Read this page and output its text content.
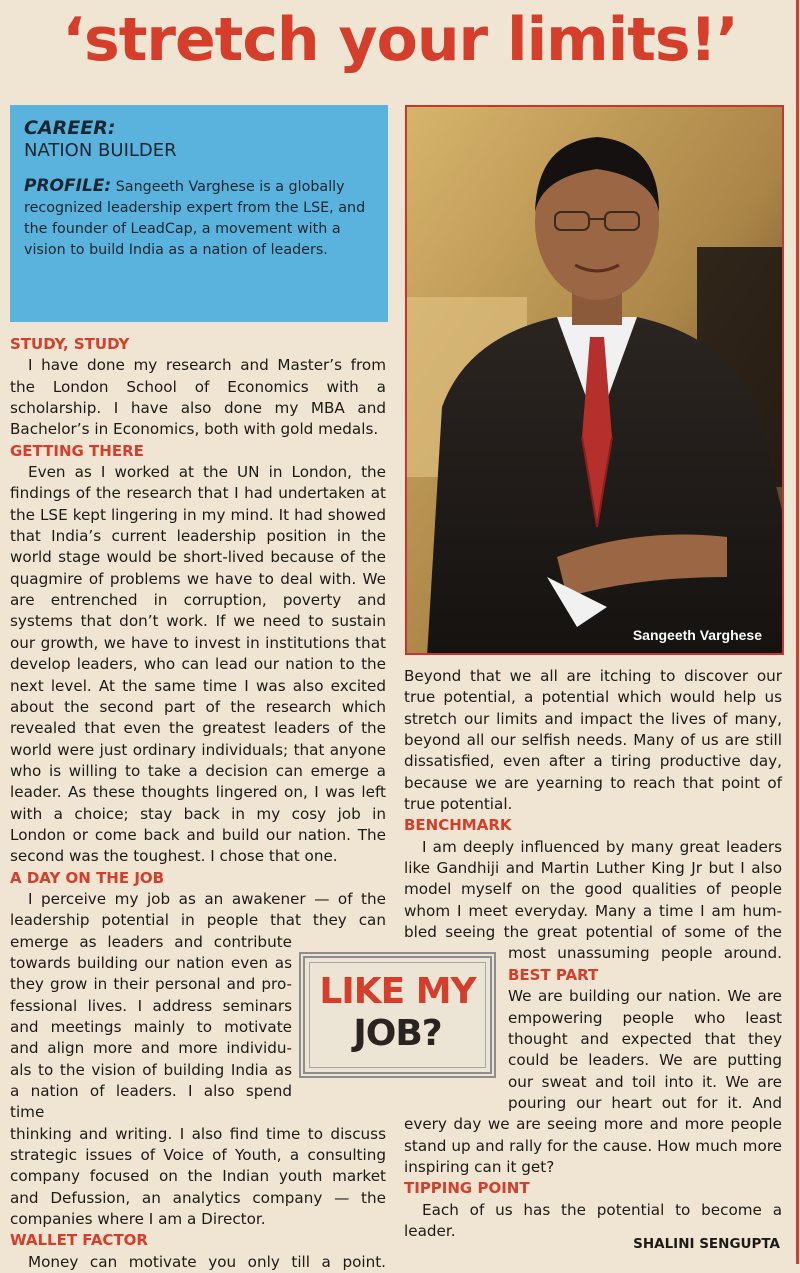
‘stretch your limits!’
CAREER:
NATION BUILDER
PROFILE: Sangeeth Varghese is a globally recognized leadership expert from the LSE, and the founder of LeadCap, a movement with a vision to build India as a nation of leaders.
Sangeeth Varghese
STUDY, STUDY

I have done my research and Master’s from the London School of Economics with a scholarship. I have also done my MBA and Bachelor’s in Economics, both with gold medals.

GETTING THERE

Even as I worked at the UN in London, the findings of the research that I had undertaken at the LSE kept lingering in my mind. It had showed that India’s current leadership position in the world stage would be short-lived because of the quagmire of problems we have to deal with. We are entrenched in corruption, poverty and systems that don’t work. If we need to sustain our growth, we have to invest in institutions that develop leaders, who can lead our nation to the next level. At the same time I was also excited about the second part of the research which revealed that even the greatest leaders of the world were just ordinary individuals; that anyone who is willing to take a decision can emerge a leader. As these thoughts lingered on, I was left with a choice; stay back in my cosy job in London or come back and build our nation. The second was the toughest. I chose that one.

A DAY ON THE JOB
I perceive my job as an awakener — of the
leadership potential in people that they can
emerge as leaders and contribute
towards building our nation even as
they grow in their personal and pro-
fessional lives. I address seminars
and meetings mainly to motivate
and align more and more individu-
als to the vision of building India as
a nation of leaders. I also spend time
thinking and writing. I also find time to discuss
strategic issues of Voice of Youth, a consulting
company focused on the Indian youth market
and Defussion, an analytics company — the
companies where I am a Director.
WALLET FACTOR

Money can motivate you only till a point.

Beyond that we all are itching to discover our true potential, a potential which would help us stretch our limits and impact the lives of many, beyond all our selfish needs. Many of us are still dissatisfied, even after a tiring productive day, because we are yearning to reach that point of true potential.

BENCHMARK
I am deeply influenced by many great leaders
like Gandhiji and Martin Luther King Jr but I also
model myself on the good qualities of people
whom I meet everyday. Many a time I am hum-
bled seeing the great potential of some of the
most unassuming people around.
BEST PART
We are building our nation. We are
empowering people who least
thought and expected that they
could be leaders. We are putting
our sweat and toil into it. We are
pouring our heart out for it. And
every day we are seeing more and more people
stand up and rally for the cause. How much more
inspiring can it get?
TIPPING POINT

Each of us has the potential to become a leader.

LIKE MY
JOB?
SHALINI SENGUPTA
